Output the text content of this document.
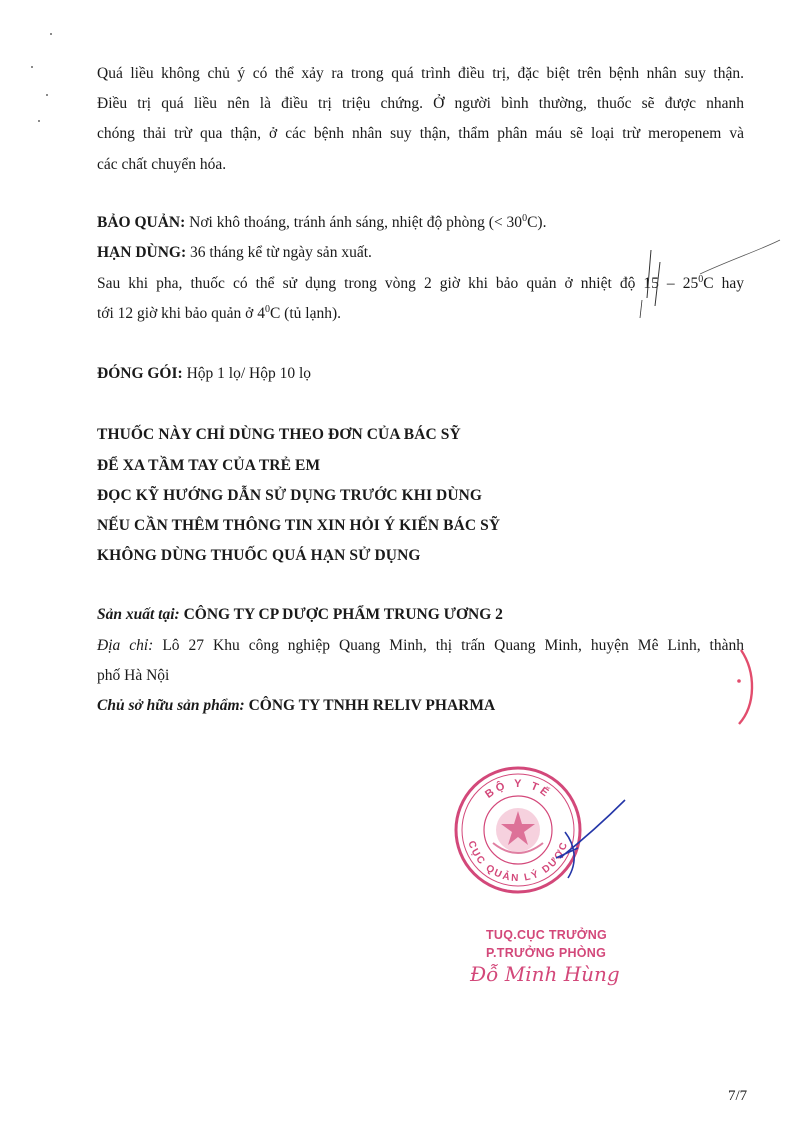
Quá liều không chủ ý có thể xảy ra trong quá trình điều trị, đặc biệt trên bệnh nhân suy thận.
Điều trị quá liều nên là điều trị triệu chứng. Ở người bình thường, thuốc sẽ được nhanh
chóng thải trừ qua thận, ở các bệnh nhân suy thận, thẩm phân máu sẽ loại trừ meropenem và
các chất chuyển hóa.
BẢO QUẢN: Nơi khô thoáng, tránh ánh sáng, nhiệt độ phòng (< $30^0C$).
HẠN DÙNG: 36 tháng kể từ ngày sản xuất.
Sau khi pha, thuốc có thể sử dụng trong vòng 2 giờ khi bảo quản ở nhiệt độ $15 - 25^0C$ hay
tới 12 giờ khi bảo quản ở $4^0C$ (tủ lạnh).
ĐÓNG GÓI: Hộp 1 lọ/ Hộp 10 lọ
THUỐC NÀY CHỈ DÙNG THEO ĐƠN CỦA BÁC SỸ
ĐỂ XA TẦM TAY CỦA TRẺ EM
ĐỌC KỸ HƯỚNG DẪN SỬ DỤNG TRƯỚC KHI DÙNG
NẾU CẦN THÊM THÔNG TIN XIN HỎI Ý KIẾN BÁC SỸ
KHÔNG DÙNG THUỐC QUÁ HẠN SỬ DỤNG
Sản xuất tại: CÔNG TY CP DƯỢC PHẨM TRUNG ƯƠNG 2
Địa chỉ: Lô 27 Khu công nghiệp Quang Minh, thị trấn Quang Minh, huyện Mê Linh, thành
phố Hà Nội
Chủ sở hữu sản phẩm: CÔNG TY TNHH RELIV PHARMA
BỘ Y TẾ
CỤC QUẢN LÝ DƯỢC
TUQ.CỤC TRƯỞNG
P.TRƯỞNG PHÒNG
Đỗ Minh Hùng
7/7
